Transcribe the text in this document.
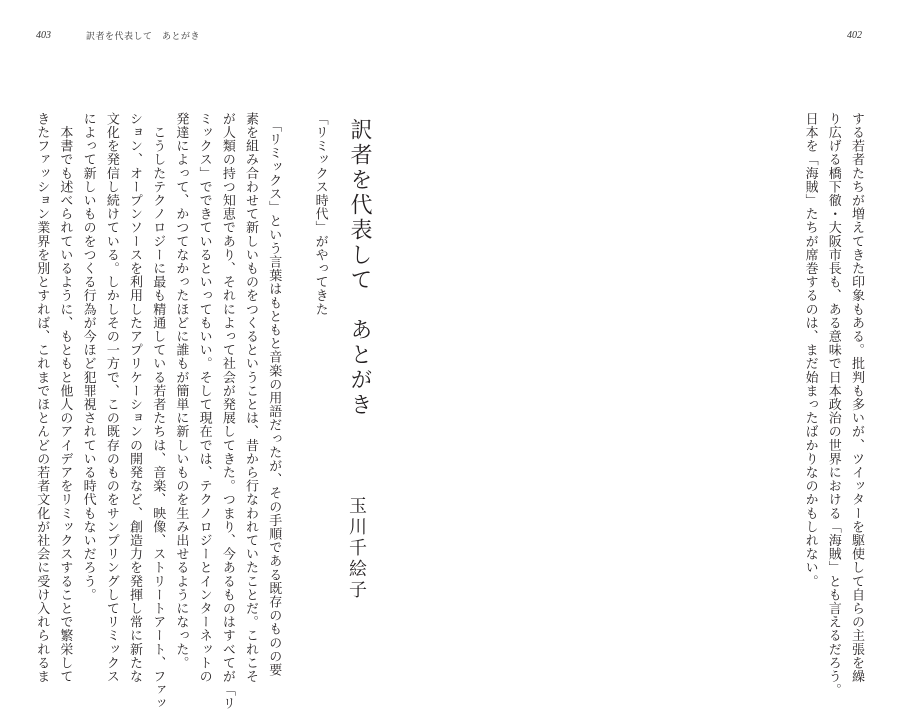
403	訳者を代表して　あとがき	402
する若者たちが増えてきた印象もある。批判も多いが、ツイッターを駆使して自らの主張を繰
り広げる橋下徹・大阪市長も、ある意味で日本政治の世界における「海賊」とも言えるだろう。
日本を「海賊」たちが席巻するのは、まだ始まったばかりなのかもしれない。
訳者を代表して　あとがき
玉川千絵子
「リミックス時代」がやってきた

　「リミックス」という言葉はもともと音楽の用語だったが、その手順である既存のものの要
素を組み合わせて新しいものをつくるということは、昔から行なわれていたことだ。これこそ
が人類の持つ知恵であり、それによって社会が発展してきた。つまり、今あるものはすべてが「リ
ミックス」でできているといってもいい。そして現在では、テクノロジーとインターネットの
発達によって、かつてなかったほどに誰もが簡単に新しいものを生み出せるようになった。
　こうしたテクノロジーに最も精通している若者たちは、音楽、映像、ストリートアート、ファッ
ション、オープンソースを利用したアプリケーションの開発など、創造力を発揮し常に新たな
文化を発信し続けている。しかしその一方で、この既存のものをサンプリングしてリミックス
によって新しいものをつくる行為が今ほど犯罪視されている時代もないだろう。
　本書でも述べられているように、もともと他人のアイデアをリミックスすることで繁栄して
きたファッション業界を別とすれば、これまでほとんどの若者文化が社会に受け入れられるま
